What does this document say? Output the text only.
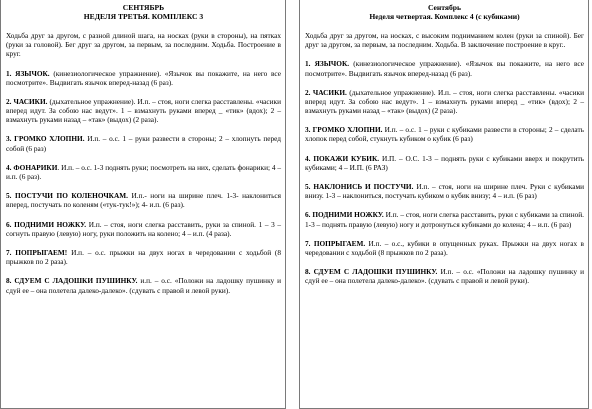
СЕНТЯБРЬ
НЕДЕЛЯ ТРЕТЬЯ. КОМПЛЕКС 3
Ходьба друг за другом, с разной длиной шага, на носках (руки в стороны), на пятках (руки за головой). Бег друг за другом, за первым, за последним. Ходьба. Построение в круг.
1. ЯЗЫЧОК. (кинезиологическое упражнение). «Язычок вы покажите, на него все посмотрите». Выдвигать язычок вперед-назад (6 раз).
2. ЧАСИКИ. (дыхательное упражнение). И.п. – стоя, ноги слегка расставлены. «часики вперед идут. За собою нас ведут». 1 – взмахнуть руками вперед _ «тик» (вдох); 2 – взмахнуть руками назад – «так» (выдох) (2 раза).
3. ГРОМКО ХЛОПНИ. И.п. – о.с. 1 – руки развести в стороны; 2 – хлопнуть перед собой (6 раз)
4. ФОНАРИКИ. И.п. – о.с. 1-3 поднять руки; посмотреть на них, сделать фонарики; 4 – и.п. (6 раз).
5. ПОСТУЧИ ПО КОЛЕНОЧКАМ. И.п.- ноги на ширине плеч. 1-3- наклониться вперед, постучать по коленям («тук-тук!»); 4- и.п. (6 раз).
6. ПОДНИМИ НОЖКУ. И.п. – стоя, ноги слегка расставить, руки за спиной. 1 – 3 – согнуть правую (левую) ногу, руки положить на колено; 4 – и.п. (4 раза).
7. ПОПРЫГАЕМ! И.п. – о.с. прыжки на двух ногах в чередовании с ходьбой (8 прыжков по 2 раза).
8. СДУЕМ С ЛАДОШКИ ПУШИНКУ. и.п. – о.с. «Положи на ладошку пушинку и сдуй ее – она полетела далеко-далеко». (сдувать с правой и левой руки).
Сентябрь
Неделя четвертая. Комплекс 4 (с кубиками)
Ходьба друг за другом, на носках, с высоким подниманием колен (руки за спиной). Бег друг за другом, за первым, за последним. Ходьба. В заключение построение в круг..
1. ЯЗЫЧОК. (кинезиологическое упражнение). «Язычок вы покажите, на него все посмотрите». Выдвигать язычок вперед-назад (6 раз).
2. ЧАСИКИ. (дыхательное упражнение). И.п. – стоя, ноги слегка расставлены. «часики вперед идут. За собою нас ведут». 1 – взмахнуть руками вперед _ «тик» (вдох); 2 – взмахнуть руками назад – «так» (выдох) (2 раза).
3. ГРОМКО ХЛОПНИ. И.п. – о.с. 1 – руки с кубиками развести в стороны; 2 – сделать хлопок перед собой, стукнуть кубиком о кубик (6 раз)
4. ПОКАЖИ КУБИК. И.П. – О.С. 1-3 – поднять руки с кубиками вверх и покрутить кубиками; 4 – И.П. (6 РАЗ)
5. НАКЛОНИСЬ И ПОСТУЧИ. И.п. – стоя, ноги на ширине плеч. Руки с кубиками внизу. 1-3 – наклониться, постучать кубиком о кубик внизу; 4 – и.п. (6 раз)
6. ПОДНИМИ НОЖКУ. И.п. – стоя, ноги слегка расставить, руки с кубиками за спиной. 1-3 – поднять правую (левую) ногу и дотронуться кубиками до колена; 4 – и.п. (6 раз)
7. ПОПРЫГАЕМ. И.п. – о.с., кубики в опущенных руках. Прыжки на двух ногах в чередовании с ходьбой (8 прыжков по 2 раза).
8. СДУЕМ С ЛАДОШКИ ПУШИНКУ. И.п. – о.с. «Положи на ладошку пушинку и сдуй ее – она полетела далеко-далеко». (сдувать с правой и левой руки).
